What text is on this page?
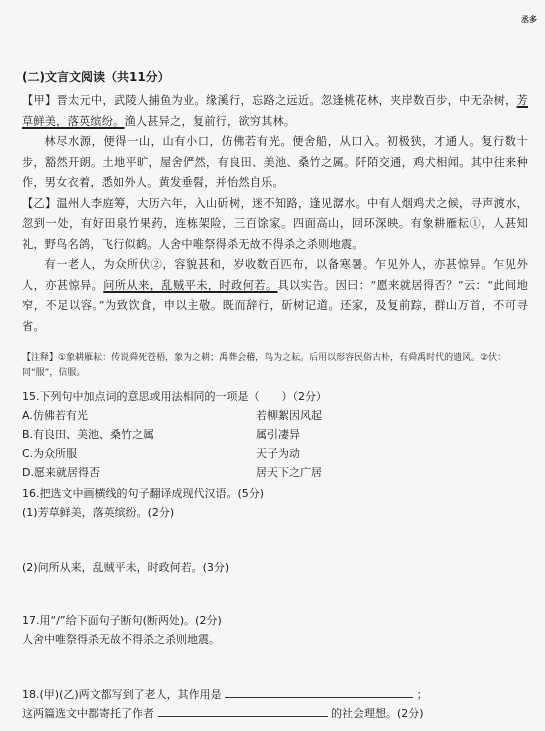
丞多

(二)文言文阅读（共11分）

【甲】晋太元中，武陵人捕鱼为业。缘溪行，忘路之远近。忽逢桃花林，夹岸数百步，中无杂树，芳草鲜美，落英缤纷。渔人甚异之，复前行，欲穷其林。

林尽水源，便得一山，山有小口，仿佛若有光。便舍船，从口入。初极狭，才通人。复行数十步，豁然开朗。土地平旷，屋舍俨然，有良田、美池、桑竹之属。阡陌交通，鸡犬相闻。其中往来种作，男女衣着，悉如外人。黄发垂髫，并怡然自乐。

【乙】温州人李庭筹，大历六年，入山斫树，迷不知路，逢见潺水。中有人烟鸡犬之候，寻声渡水，忽到一处，有好田泉竹果药，连栋架险，三百馀家。四面高山，回环深映。有象耕雁耘①，人甚知礼，野鸟名鸽，飞行似鹤。人舍中唯祭得杀无故不得杀之杀则地震。

有一老人，为众所伏②，容貌甚和，岁收数百匹布，以备寒暑。乍见外人，亦甚惊异。乍见外人，亦甚惊异。问所从来，乱贼平未，时政何若。具以实告。因曰：“愿来就居得否？”云：“此间地窄，不足以容。”为致饮食，申以主敬。既而辞行，斫树记道。还家，及复前踪，群山万首，不可寻省。

【注释】①象耕雁耘：传说舜死苍梧，象为之耕；禹葬会稽，鸟为之耘。后用以形容民俗古朴，有舜禹时代的遗风。②伏：同“服”，信服。

15.下列句中加点词的意思或用法相同的一项是（　　）（2分）

A.仿佛若有光	若柳絮因风起
B.有良田、美池、桑竹之属	属引凄异
C.为众所服	天子为动
D.愿来就居得否	居天下之广居

16.把选文中画横线的句子翻译成现代汉语。(5分)

(1)芳草鲜美，落英缤纷。(2分)

(2)问所从来，乱贼平未，时政何若。(3分)

17.用“/”给下面句子断句(断两处)。(2分)

人舍中唯祭得杀无故不得杀之杀则地震。

18.(甲)(乙)两文都写到了老人，其作用是	；

这两篇选文中都寄托了作者	的社会理想。(2分)
